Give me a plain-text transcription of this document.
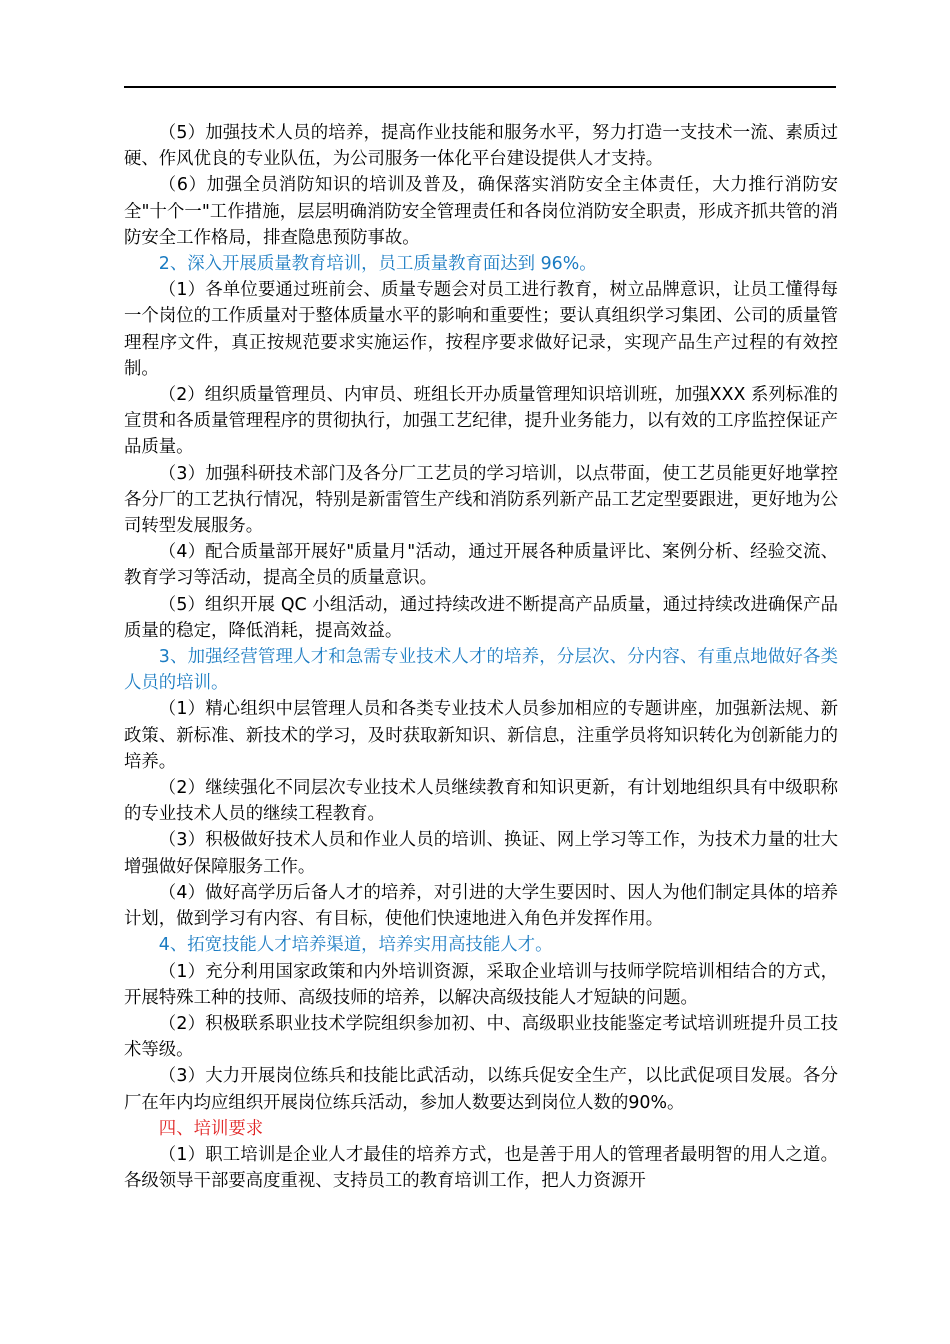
（5）加强技术人员的培养，提高作业技能和服务水平，努力打造一支技术一流、素质过硬、作风优良的专业队伍，为公司服务一体化平台建设提供人才支持。

（6）加强全员消防知识的培训及普及，确保落实消防安全主体责任，大力推行消防安全"十个一"工作措施，层层明确消防安全管理责任和各岗位消防安全职责，形成齐抓共管的消防安全工作格局，排查隐患预防事故。

2、深入开展质量教育培训，员工质量教育面达到 96%。

（1）各单位要通过班前会、质量专题会对员工进行教育，树立品牌意识，让员工懂得每一个岗位的工作质量对于整体质量水平的影响和重要性；要认真组织学习集团、公司的质量管理程序文件，真正按规范要求实施运作，按程序要求做好记录，实现产品生产过程的有效控制。

（2）组织质量管理员、内审员、班组长开办质量管理知识培训班，加强XXX 系列标准的宣贯和各质量管理程序的贯彻执行，加强工艺纪律，提升业务能力，以有效的工序监控保证产品质量。

（3）加强科研技术部门及各分厂工艺员的学习培训，以点带面，使工艺员能更好地掌控各分厂的工艺执行情况，特别是新雷管生产线和消防系列新产品工艺定型要跟进，更好地为公司转型发展服务。

（4）配合质量部开展好"质量月"活动，通过开展各种质量评比、案例分析、经验交流、教育学习等活动，提高全员的质量意识。

（5）组织开展 QC 小组活动，通过持续改进不断提高产品质量，通过持续改进确保产品质量的稳定，降低消耗，提高效益。

3、加强经营管理人才和急需专业技术人才的培养，分层次、分内容、有重点地做好各类人员的培训。

（1）精心组织中层管理人员和各类专业技术人员参加相应的专题讲座，加强新法规、新政策、新标准、新技术的学习，及时获取新知识、新信息，注重学员将知识转化为创新能力的培养。

（2）继续强化不同层次专业技术人员继续教育和知识更新，有计划地组织具有中级职称的专业技术人员的继续工程教育。

（3）积极做好技术人员和作业人员的培训、换证、网上学习等工作，为技术力量的壮大增强做好保障服务工作。

（4）做好高学历后备人才的培养，对引进的大学生要因时、因人为他们制定具体的培养计划，做到学习有内容、有目标，使他们快速地进入角色并发挥作用。

4、拓宽技能人才培养渠道，培养实用高技能人才。

（1）充分利用国家政策和内外培训资源，采取企业培训与技师学院培训相结合的方式，开展特殊工种的技师、高级技师的培养，以解决高级技能人才短缺的问题。

（2）积极联系职业技术学院组织参加初、中、高级职业技能鉴定考试培训班提升员工技术等级。

（3）大力开展岗位练兵和技能比武活动，以练兵促安全生产，以比武促项目发展。各分厂在年内均应组织开展岗位练兵活动，参加人数要达到岗位人数的90%。

四、培训要求

（1）职工培训是企业人才最佳的培养方式，也是善于用人的管理者最明智的用人之道。各级领导干部要高度重视、支持员工的教育培训工作，把人力资源开
